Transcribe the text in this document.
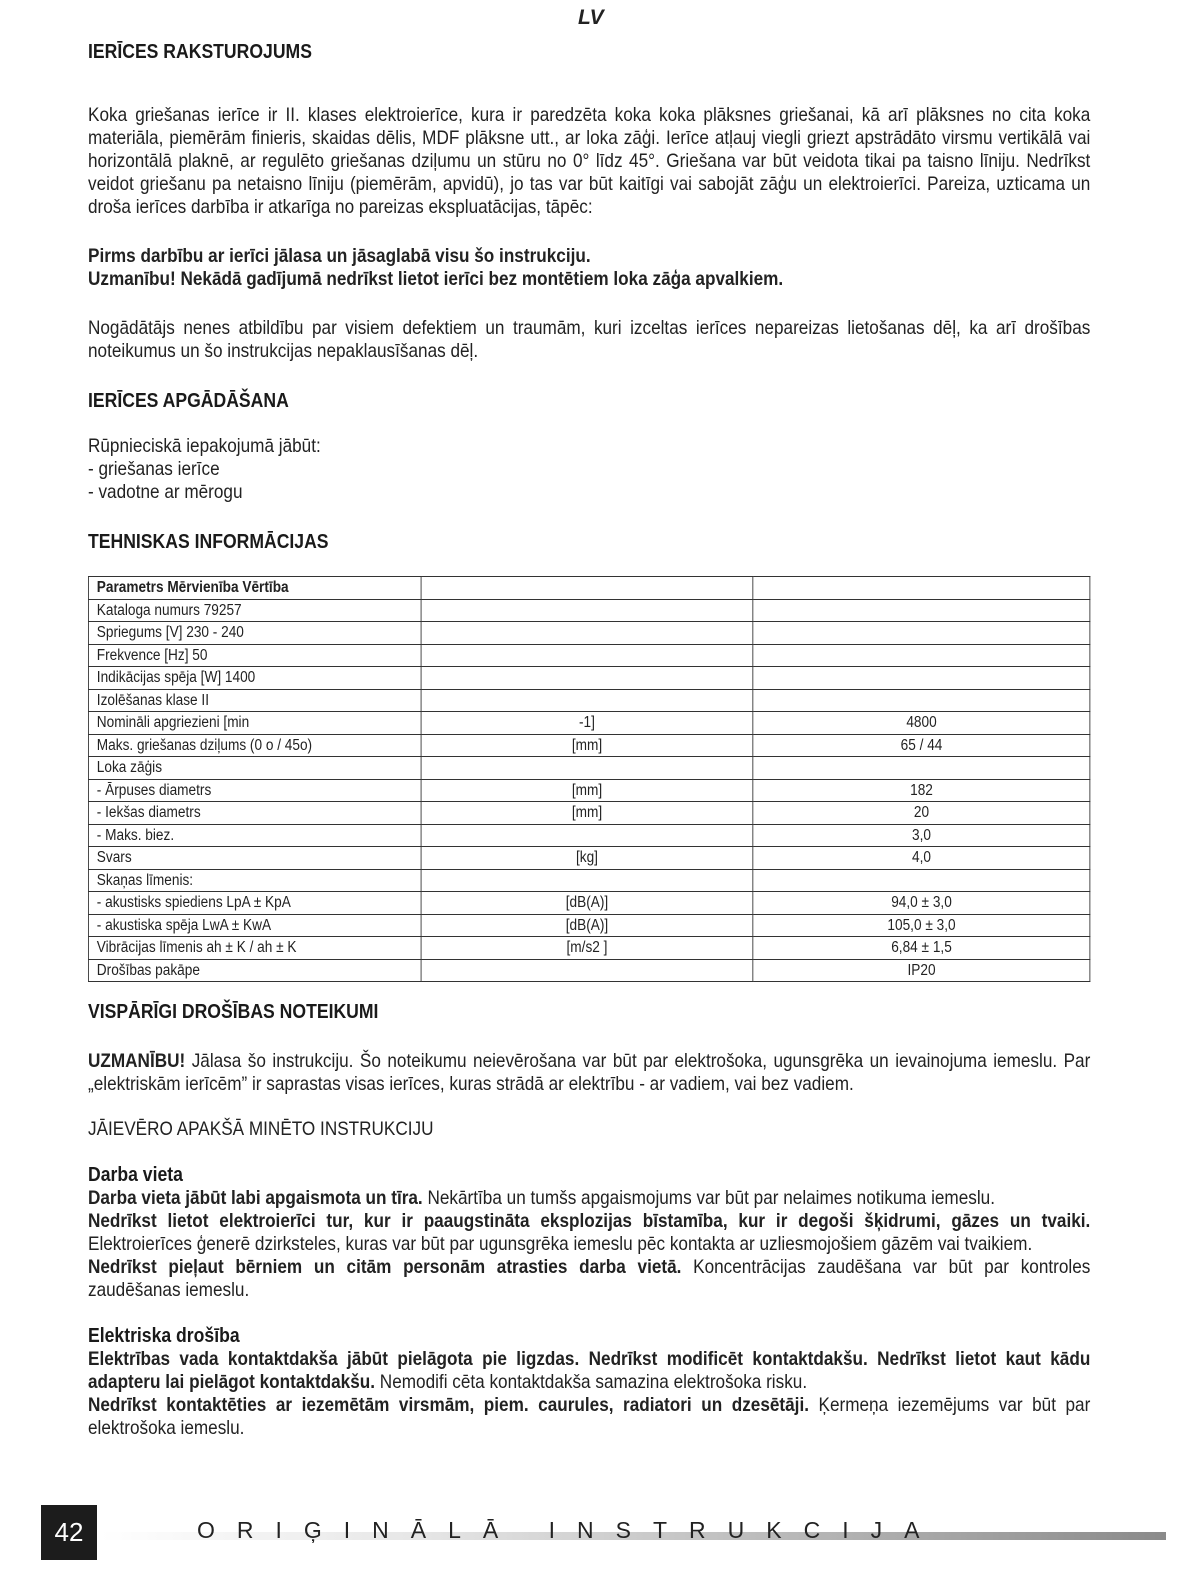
LV
IERĪCES RAKSTUROJUMS

Koka griešanas ierīce ir II. klases elektroierīce, kura ir paredzēta koka koka plāksnes griešanai, kā arī plāksnes no cita koka materiāla, piemērām finieris, skaidas dēlis, MDF plāksne utt., ar loka zāģi. Ierīce atļauj viegli griezt apstrādāto virsmu vertikālā vai horizontālā plaknē, ar regulēto griešanas dziļumu un stūru no 0° līdz 45°. Griešana var būt veidota tikai pa taisno līniju. Nedrīkst veidot griešanu pa netaisno līniju (piemērām, apvidū), jo tas var būt kaitīgi vai sabojāt zāģu un elektroierīci. Pareiza, uzticama un droša ierīces darbība ir atkarīga no pareizas ekspluatācijas, tāpēc:

Pirms darbību ar ierīci jālasa un jāsaglabā visu šo instrukciju.

Uzmanību! Nekādā gadījumā nedrīkst lietot ierīci bez montētiem loka zāģa apvalkiem.

Nogādātājs nenes atbildību par visiem defektiem un traumām, kuri izceltas ierīces nepareizas lietošanas dēļ, ka arī drošības noteikumus un šo instrukcijas nepaklausīšanas dēļ.

IERĪCES APGĀDĀŠANA

Rūpnieciskā iepakojumā jābūt:

- griešanas ierīce
- vadotne ar mērogu
TEHNISKAS INFORMĀCIJAS
Parametrs Mērvienība Vērtība		
Kataloga numurs 79257		
Spriegums [V] 230 - 240		
Frekvence [Hz] 50		
Indikācijas spēja [W] 1400		
Izolēšanas klase II		
Nomināli apgriezieni [min	-1]	4800
Maks. griešanas dziļums (0 o / 45o)	[mm]	65 / 44
Loka zāģis		
- Ārpuses diametrs	[mm]	182
- Iekšas diametrs	[mm]	20
- Maks. biez.		3,0
Svars	[kg]	4,0
Skaņas līmenis:		
- akustisks spiediens LpA ± KpA	[dB(A)]	94,0 ± 3,0
- akustiska spēja LwA ± KwA	[dB(A)]	105,0 ± 3,0
Vibrācijas līmenis ah ± K / ah ± K	[m/s2 ]	6,84 ± 1,5
Drošības pakāpe		IP20
VISPĀRĪGI DROŠĪBAS NOTEIKUMI

UZMANĪBU! Jālasa šo instrukciju. Šo noteikumu neievērošana var būt par elektrošoka, ugunsgrēka un ievainojuma iemeslu. Par „elektriskām ierīcēm” ir saprastas visas ierīces, kuras strādā ar elektrību - ar vadiem, vai bez vadiem.

JĀIEVĒRO APAKŠĀ MINĒTO INSTRUKCIJU

Darba vieta

Darba vieta jābūt labi apgaismota un tīra. Nekārtība un tumšs apgaismojums var būt par nelaimes notikuma iemeslu.

Nedrīkst lietot elektroierīci tur, kur ir paaugstināta eksplozijas bīstamība, kur ir degoši šķidrumi, gāzes un tvaiki. Elektroierīces ģenerē dzirksteles, kuras var būt par ugunsgrēka iemeslu pēc kontakta ar uzliesmojošiem gāzēm vai tvaikiem.

Nedrīkst pieļaut bērniem un citām personām atrasties darba vietā. Koncentrācijas zaudēšana var būt par kontroles zaudēšanas iemeslu.

Elektriska drošība

Elektrības vada kontaktdakša jābūt pielāgota pie ligzdas. Nedrīkst modificēt kontaktdakšu. Nedrīkst lietot kaut kādu adapteru lai pielāgot kontaktdakšu. Nemodifi cēta kontaktdakša samazina elektrošoka risku.

Nedrīkst kontaktēties ar iezemētām virsmām, piem. caurules, radiatori un dzesētāji. Ķermeņa iezemējums var būt par elektrošoka iemeslu.

42	ORIĢINĀLĀ INSTRUKCIJA
